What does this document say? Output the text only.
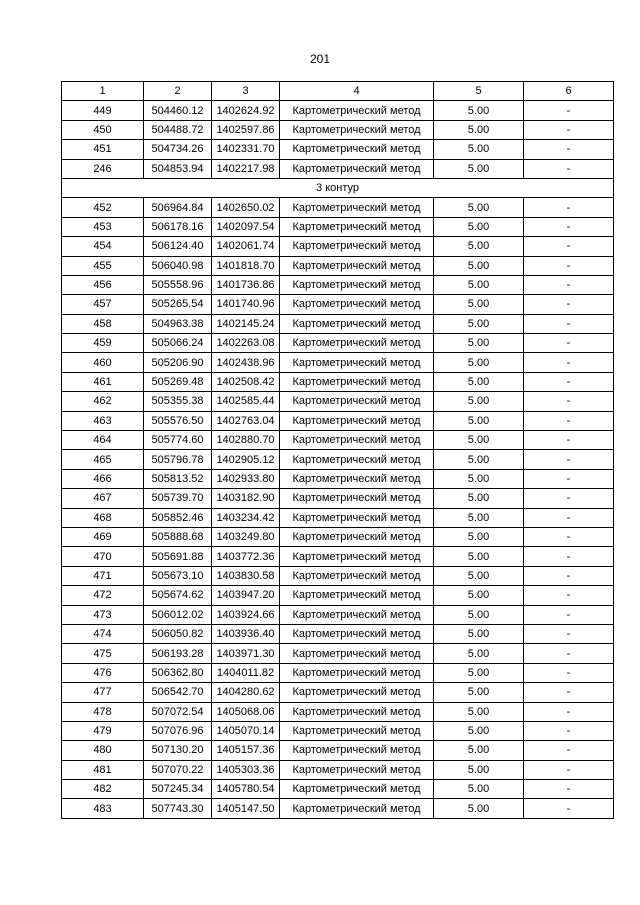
201
1	2	3	4	5	6
449	504460.12	1402624.92	Картометрический метод	5.00	-
450	504488.72	1402597.86	Картометрический метод	5.00	-
451	504734.26	1402331.70	Картометрический метод	5.00	-
246	504853.94	1402217.98	Картометрический метод	5.00	-
3 контур					
452	506964.84	1402650.02	Картометрический метод	5.00	-
453	506178.16	1402097.54	Картометрический метод	5.00	-
454	506124.40	1402061.74	Картометрический метод	5.00	-
455	506040.98	1401818.70	Картометрический метод	5.00	-
456	505558.96	1401736.86	Картометрический метод	5.00	-
457	505265.54	1401740.96	Картометрический метод	5.00	-
458	504963.38	1402145.24	Картометрический метод	5.00	-
459	505066.24	1402263.08	Картометрический метод	5.00	-
460	505206.90	1402438.96	Картометрический метод	5.00	-
461	505269.48	1402508.42	Картометрический метод	5.00	-
462	505355.38	1402585.44	Картометрический метод	5.00	-
463	505576.50	1402763.04	Картометрический метод	5.00	-
464	505774.60	1402880.70	Картометрический метод	5.00	-
465	505796.78	1402905.12	Картометрический метод	5.00	-
466	505813.52	1402933.80	Картометрический метод	5.00	-
467	505739.70	1403182.90	Картометрический метод	5.00	-
468	505852.46	1403234.42	Картометрический метод	5.00	-
469	505888.68	1403249.80	Картометрический метод	5.00	-
470	505691.88	1403772.36	Картометрический метод	5.00	-
471	505673.10	1403830.58	Картометрический метод	5.00	-
472	505674.62	1403947.20	Картометрический метод	5.00	-
473	506012.02	1403924.66	Картометрический метод	5.00	-
474	506050.82	1403936.40	Картометрический метод	5.00	-
475	506193.28	1403971.30	Картометрический метод	5.00	-
476	506362.80	1404011.82	Картометрический метод	5.00	-
477	506542.70	1404280.62	Картометрический метод	5.00	-
478	507072.54	1405068.06	Картометрический метод	5.00	-
479	507076.96	1405070.14	Картометрический метод	5.00	-
480	507130.20	1405157.36	Картометрический метод	5.00	-
481	507070.22	1405303.36	Картометрический метод	5.00	-
482	507245.34	1405780.54	Картометрический метод	5.00	-
483	507743.30	1405147.50	Картометрический метод	5.00	-
